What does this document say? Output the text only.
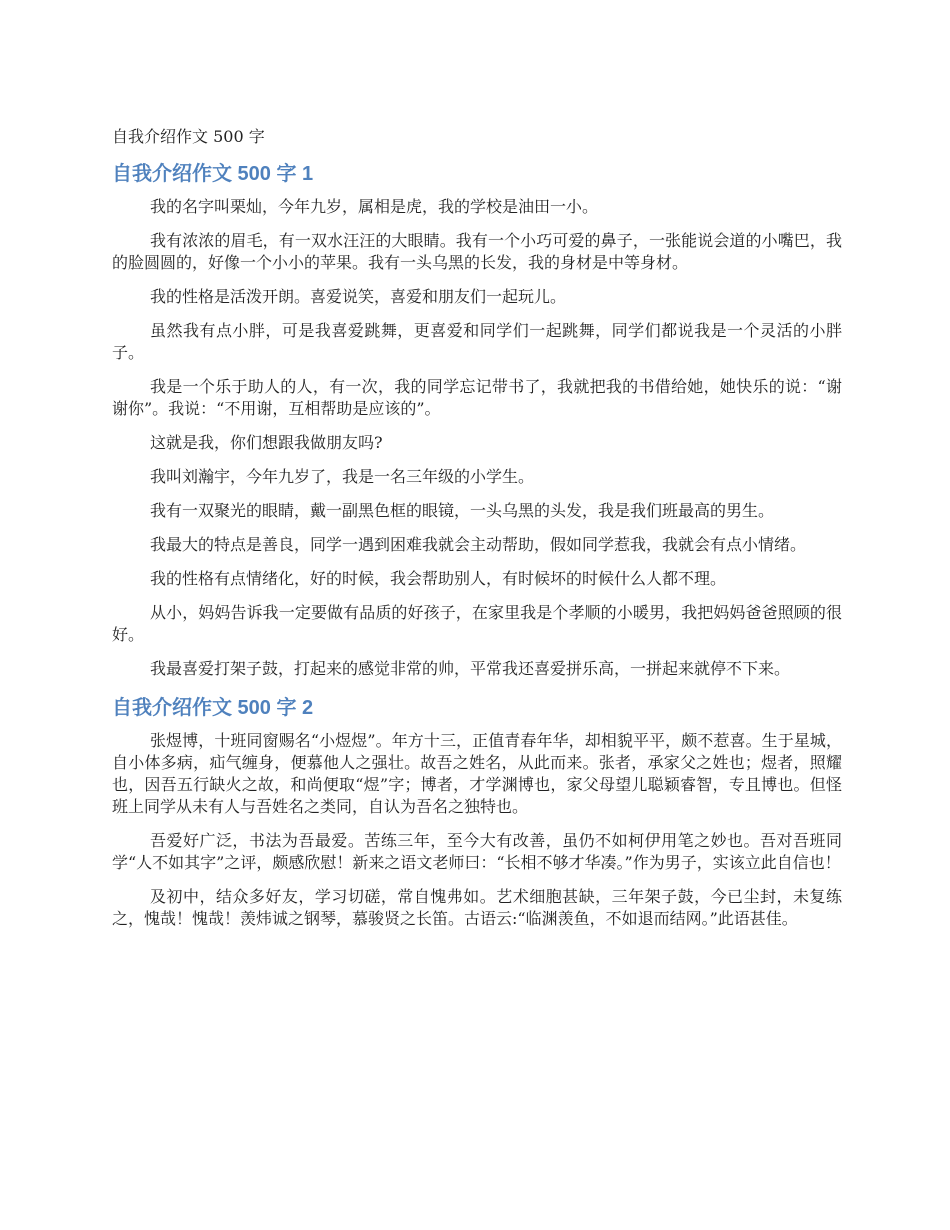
自我介绍作文 500 字
自我介绍作文 500 字 1

我的名字叫栗灿，今年九岁，属相是虎，我的学校是油田一小。

我有浓浓的眉毛，有一双水汪汪的大眼睛。我有一个小巧可爱的鼻子，一张能说会道的小嘴巴，我的脸圆圆的，好像一个小小的苹果。我有一头乌黑的长发，我的身材是中等身材。

我的性格是活泼开朗。喜爱说笑，喜爱和朋友们一起玩儿。

虽然我有点小胖，可是我喜爱跳舞，更喜爱和同学们一起跳舞，同学们都说我是一个灵活的小胖子。

我是一个乐于助人的人，有一次，我的同学忘记带书了，我就把我的书借给她，她快乐的说：“谢谢你”。我说：“不用谢，互相帮助是应该的”。

这就是我，你们想跟我做朋友吗?

我叫刘瀚宇，今年九岁了，我是一名三年级的小学生。

我有一双聚光的眼睛，戴一副黑色框的眼镜，一头乌黑的头发，我是我们班最高的男生。

我最大的特点是善良，同学一遇到困难我就会主动帮助，假如同学惹我，我就会有点小情绪。

我的性格有点情绪化，好的时候，我会帮助别人，有时候坏的时候什么人都不理。

从小，妈妈告诉我一定要做有品质的好孩子，在家里我是个孝顺的小暖男，我把妈妈爸爸照顾的很好。

我最喜爱打架子鼓，打起来的感觉非常的帅，平常我还喜爱拼乐高，一拼起来就停不下来。

自我介绍作文 500 字 2

张煜博，十班同窗赐名“小煜煜”。年方十三，正值青春年华，却相貌平平，颇不惹喜。生于星城，自小体多病，疝气缠身，便慕他人之强壮。故吾之姓名，从此而来。张者，承家父之姓也；煜者，照耀也，因吾五行缺火之故，和尚便取“煜”字；博者，才学渊博也，家父母望儿聪颖睿智，专且博也。但怪班上同学从未有人与吾姓名之类同，自认为吾名之独特也。

吾爱好广泛，书法为吾最爱。苦练三年，至今大有改善，虽仍不如柯伊用笔之妙也。吾对吾班同学“人不如其字”之评，颇感欣慰！新来之语文老师曰：“长相不够才华凑。”作为男子，实该立此自信也！

及初中，结众多好友，学习切磋，常自愧弗如。艺术细胞甚缺，三年架子鼓，今已尘封，未复练之，愧哉！愧哉！羡炜诚之钢琴，慕骏贤之长笛。古语云:“临渊羡鱼，不如退而结网。”此语甚佳。
